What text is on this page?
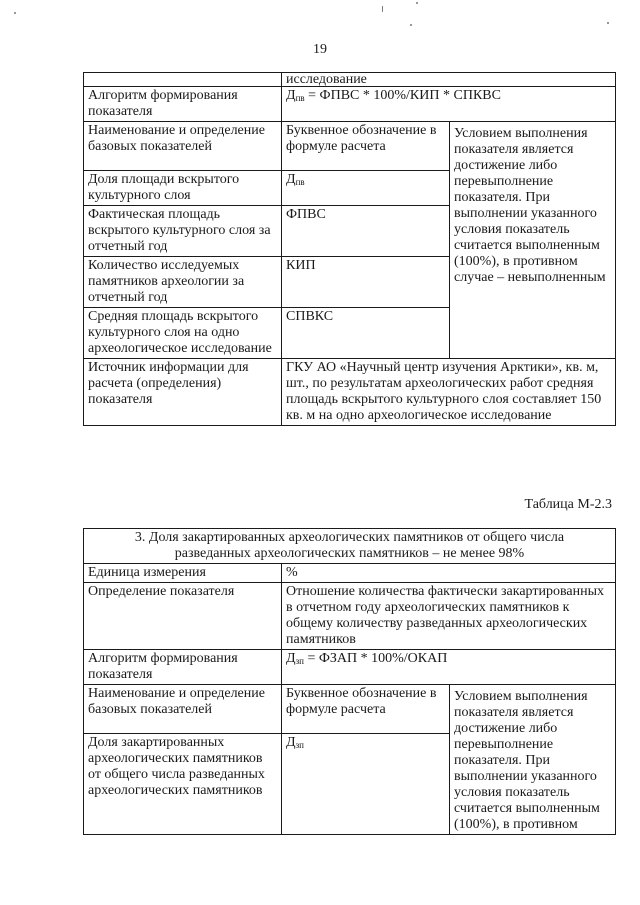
19
	исследование	
Алгоритм формирования показателя	$Д_{пв}$ = ФПВС * 100%/КИП * СПКВС	
Наименование и определение базовых показателей	Буквенное обозначение в формуле расчета	Условием выполнения показателя является достижение либо перевыполнение показателя. При выполнении указанного условия показатель считается выполненным (100%), в противном случае – невыполненным
Доля площади вскрытого культурного слоя	$Д_{пв}$
Фактическая площадь вскрытого культурного слоя за отчетный год	ФПВС	
Количество исследуемых памятников археологии за отчетный год	КИП	
Средняя площадь вскрытого культурного слоя на одно археологическое исследование	СПВКС	
Источник информации для расчета (определения) показателя	ГКУ АО «Научный центр изучения Арктики», кв. м, шт., по результатам археологических работ средняя площадь вскрытого культурного слоя составляет 150 кв. м на одно археологическое исследование	
Таблица М-2.3
3. Доля закартированных археологических памятников от общего числа разведанных археологических памятников – не менее 98%		
Единица измерения	%	
Определение показателя	Отношение количества фактически закартированных в отчетном году археологических памятников к общему количеству разведанных археологических памятников	
Алгоритм формирования показателя	$Д_{зп}$ = ФЗАП * 100%/ОКАП	
Наименование и определение базовых показателей	Буквенное обозначение в формуле расчета	Условием выполнения показателя является достижение либо перевыполнение показателя. При выполнении указанного условия показатель считается выполненным (100%), в противном
Доля закартированных археологических памятников от общего числа разведанных археологических памятников	$Д_{зп}$
